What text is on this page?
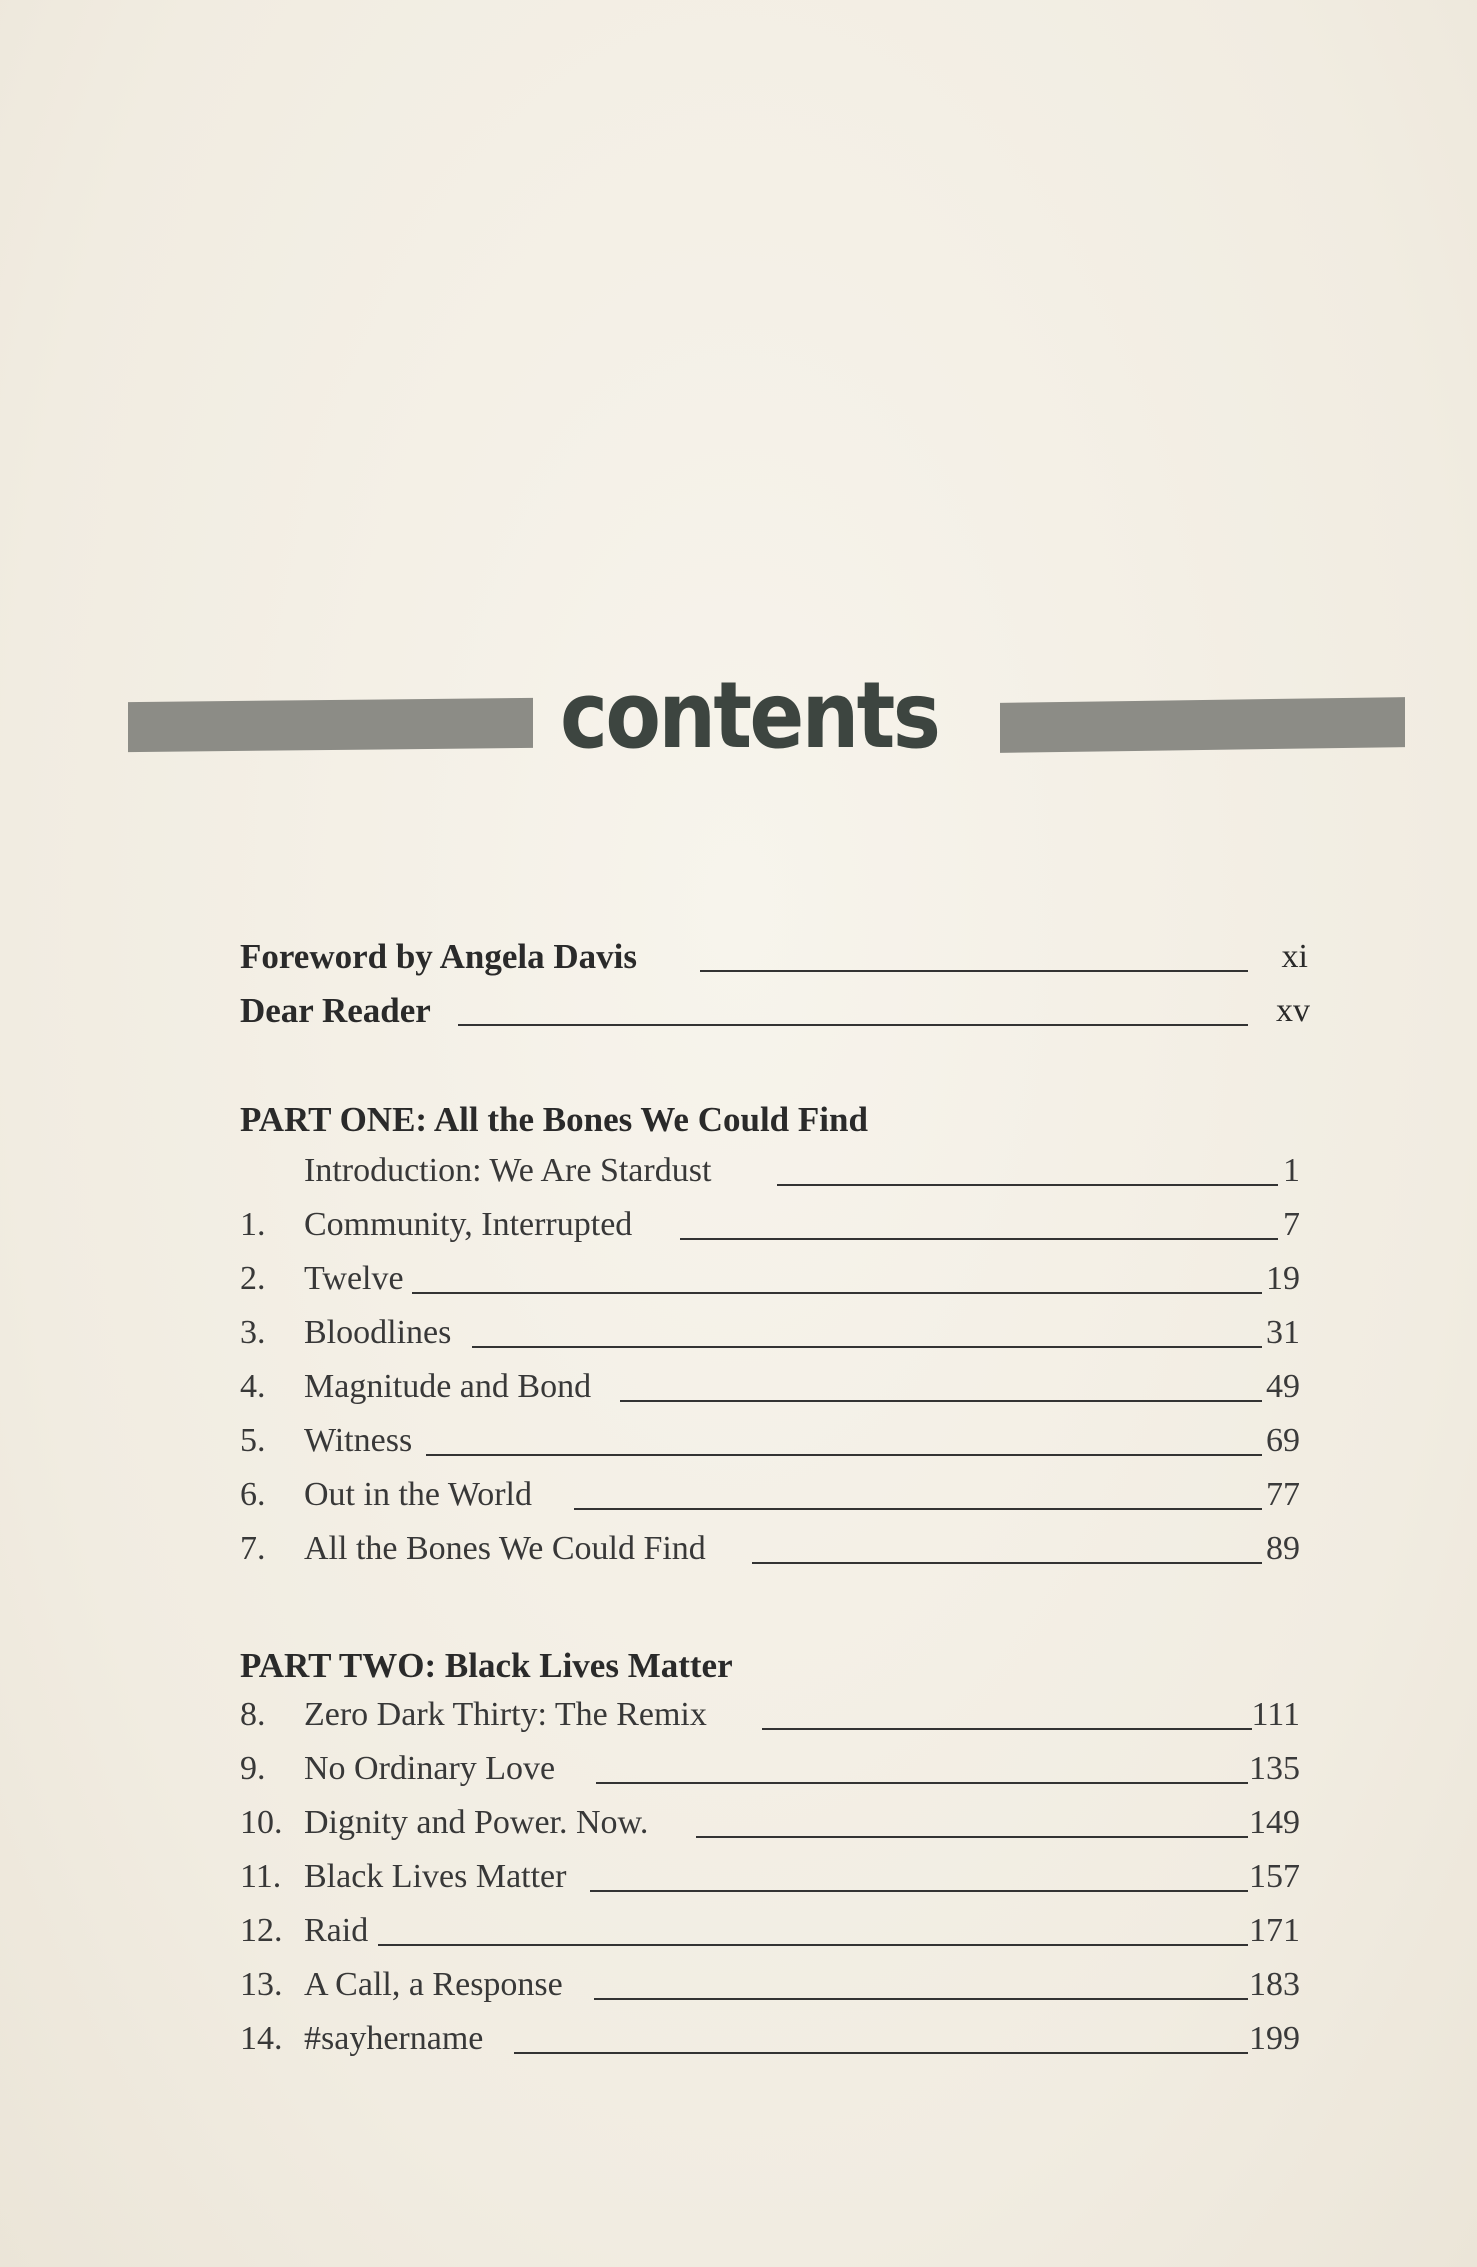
contents
Foreword by Angela Davis	xi
Dear Reader	xv
PART ONE: All the Bones We Could Find
Introduction: We Are Stardust	1
1. Community, Interrupted	7
2. Twelve	19
3. Bloodlines	31
4. Magnitude and Bond	49
5. Witness	69
6. Out in the World	77
7. All the Bones We Could Find	89
PART TWO: Black Lives Matter
8. Zero Dark Thirty: The Remix	111
9. No Ordinary Love	135
10. Dignity and Power. Now.	149
11. Black Lives Matter	157
12. Raid	171
13. A Call, a Response	183
14. #sayhername	199
